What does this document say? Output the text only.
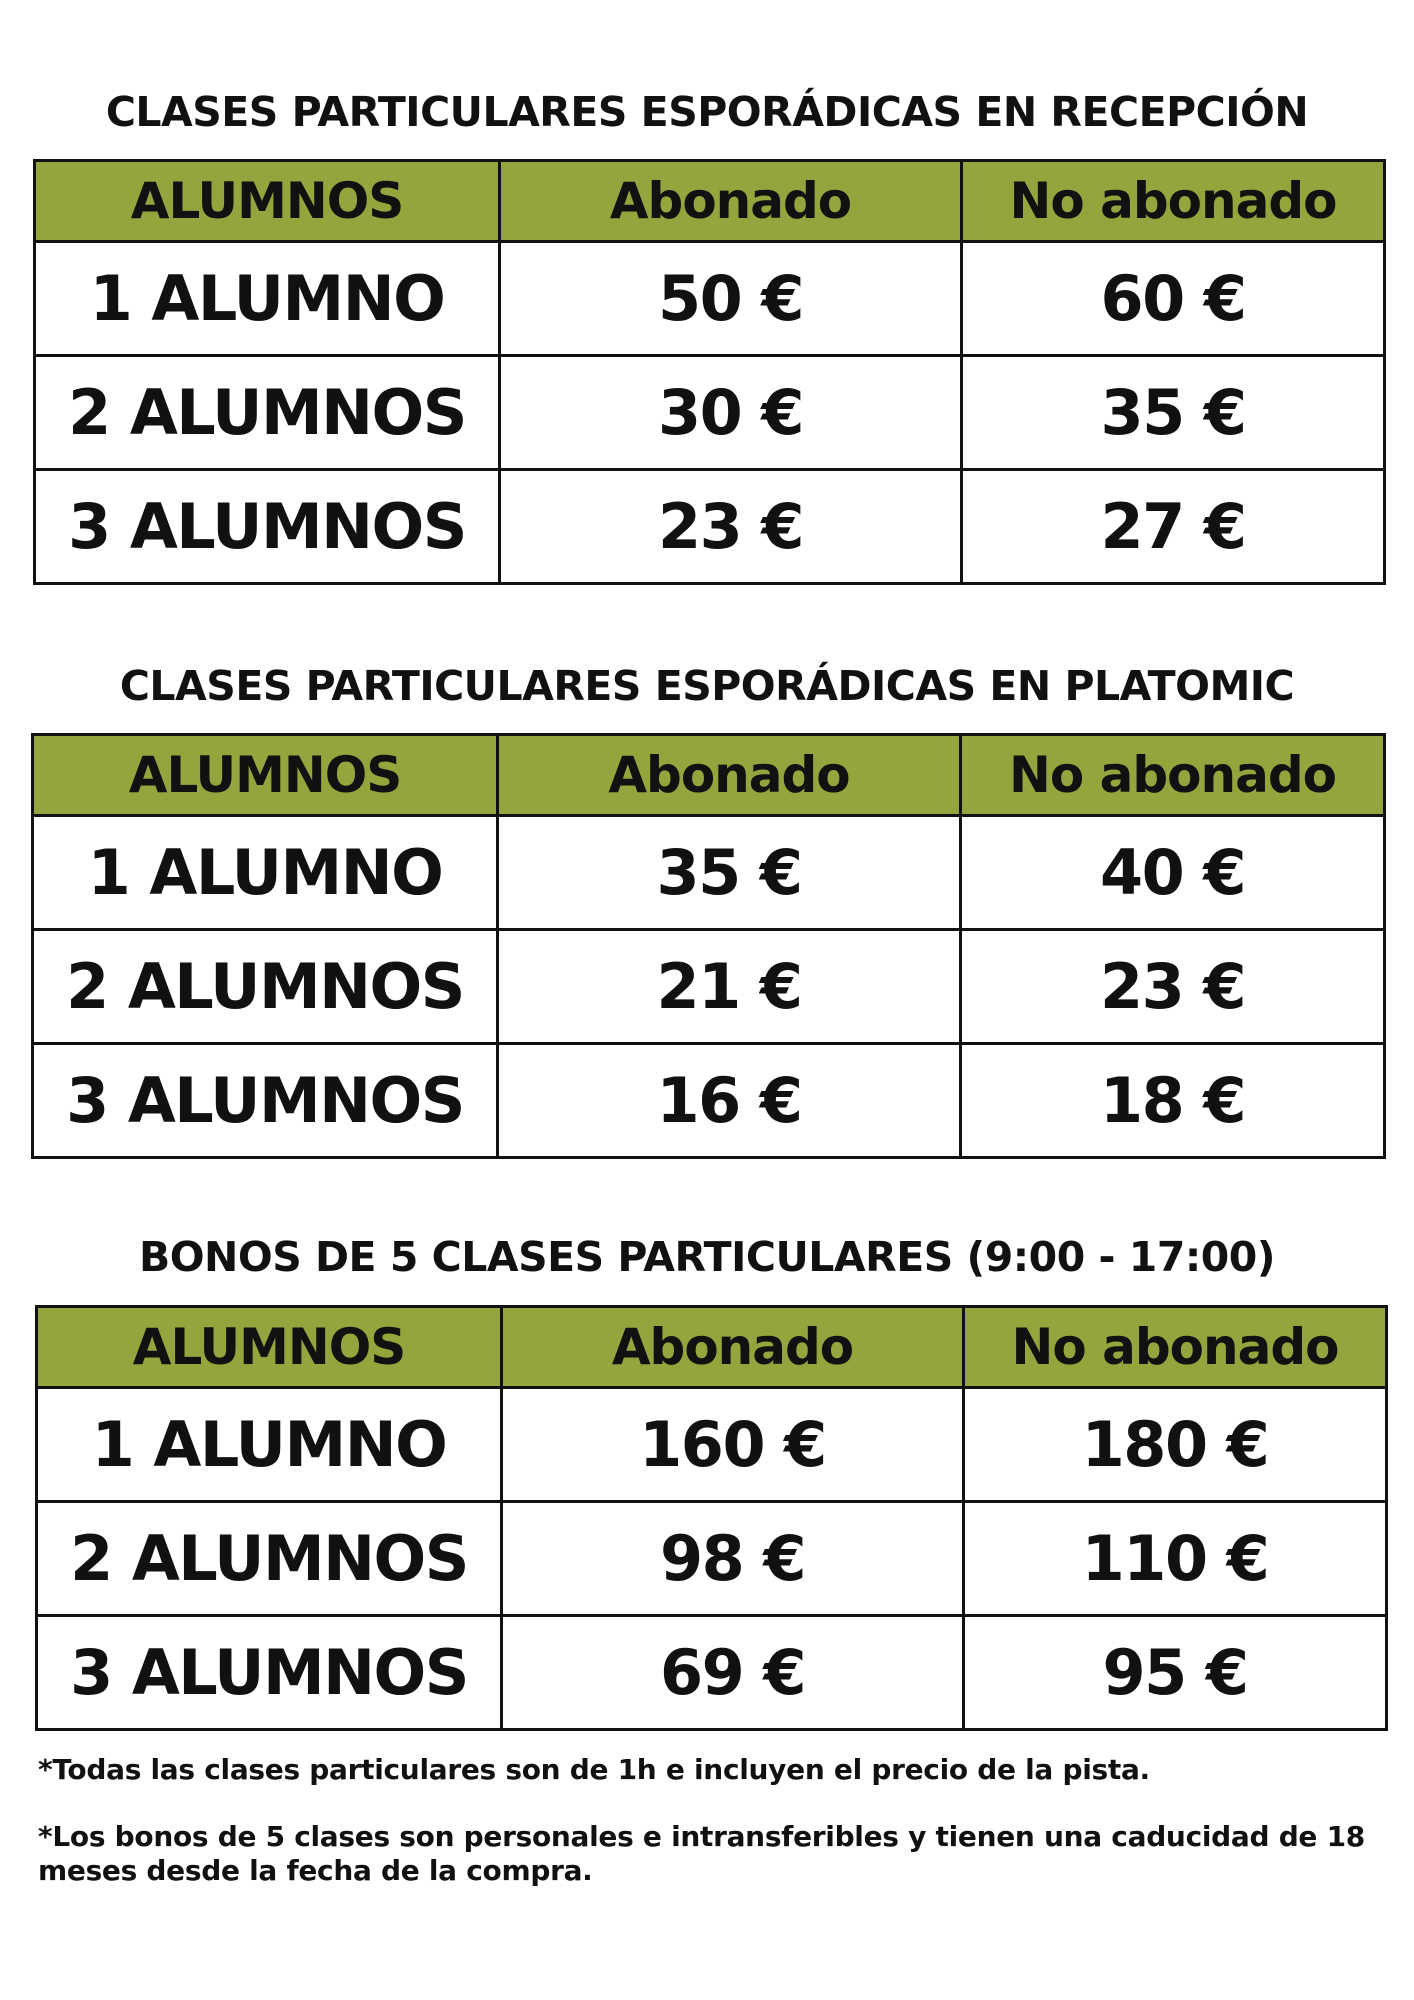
CLASES PARTICULARES ESPORÁDICAS EN RECEPCIÓN
ALUMNOS	Abonado	No abonado
1 ALUMNO	50 €	60 €
2 ALUMNOS	30 €	35 €
3 ALUMNOS	23 €	27 €
CLASES PARTICULARES ESPORÁDICAS EN PLATOMIC
ALUMNOS	Abonado	No abonado
1 ALUMNO	35 €	40 €
2 ALUMNOS	21 €	23 €
3 ALUMNOS	16 €	18 €
BONOS DE 5 CLASES PARTICULARES (9:00 - 17:00)
ALUMNOS	Abonado	No abonado
1 ALUMNO	160 €	180 €
2 ALUMNOS	98 €	110 €
3 ALUMNOS	69 €	95 €
*Todas las clases particulares son de 1h e incluyen el precio de la pista.
*Los bonos de 5 clases son personales e intransferibles y tienen una caducidad de 18 meses desde la fecha de la compra.
